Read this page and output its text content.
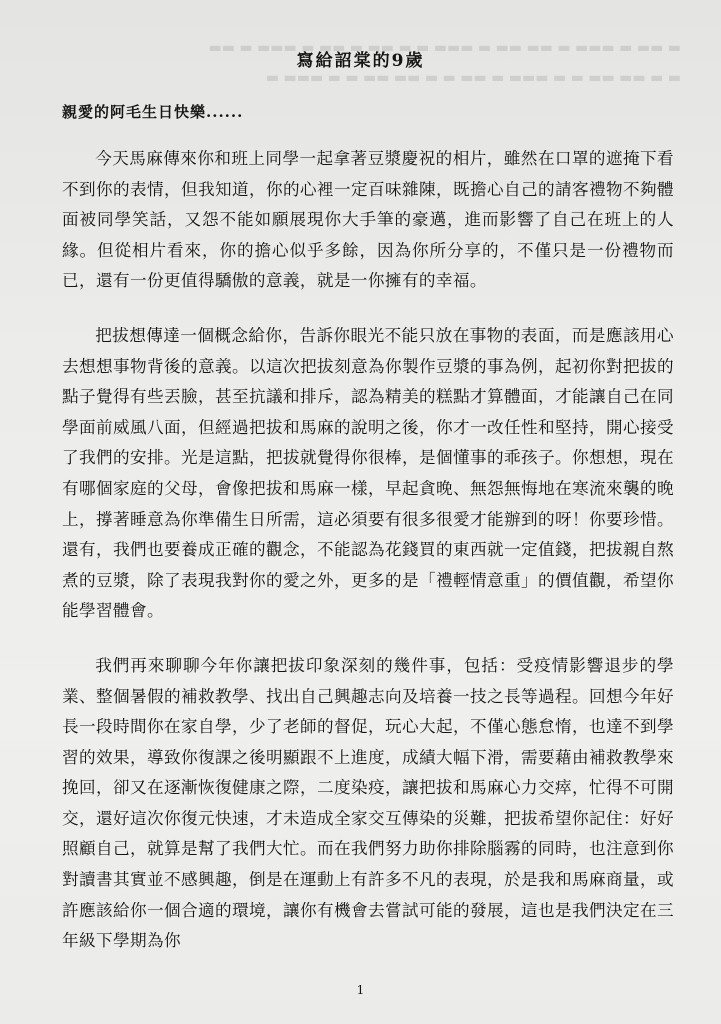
▬ ▬▬ ▬ ▬▬▬ ▬ ▬▬ ▬▬ ▬ ▬▬▬ ▬ ▬ ▬▬ ▬ ▬▬ ▬ ▬▬▬ ▬ ▬▬
▬ ▬ ▬▬ ▬▬ ▬ ▬ ▬▬▬ ▬ ▬▬ ▬ ▬ ▬▬ ▬▬ ▬ ▬ ▬▬▬ ▬
寫給詔棠的9歲
親愛的阿毛生日快樂......

今天馬麻傳來你和班上同學一起拿著豆漿慶祝的相片，雖然在口罩的遮掩下看不到你的表情，但我知道，你的心裡一定百味雜陳，既擔心自己的請客禮物不夠體面被同學笑話，又怨不能如願展現你大手筆的豪邁，進而影響了自己在班上的人緣。但從相片看來，你的擔心似乎多餘，因為你所分享的，不僅只是一份禮物而已，還有一份更值得驕傲的意義，就是一你擁有的幸福。

把拔想傳達一個概念給你，告訴你眼光不能只放在事物的表面，而是應該用心去想想事物背後的意義。以這次把拔刻意為你製作豆漿的事為例，起初你對把拔的點子覺得有些丟臉，甚至抗議和排斥，認為精美的糕點才算體面，才能讓自己在同學面前威風八面，但經過把拔和馬麻的說明之後，你才一改任性和堅持，開心接受了我們的安排。光是這點，把拔就覺得你很棒，是個懂事的乖孩子。你想想，現在有哪個家庭的父母，會像把拔和馬麻一樣，早起貪晚、無怨無悔地在寒流來襲的晚上，撐著睡意為你準備生日所需，這必須要有很多很愛才能辦到的呀！你要珍惜。還有，我們也要養成正確的觀念，不能認為花錢買的東西就一定值錢，把拔親自熬煮的豆漿，除了表現我對你的愛之外，更多的是「禮輕情意重」的價值觀，希望你能學習體會。

我們再來聊聊今年你讓把拔印象深刻的幾件事，包括：受疫情影響退步的學業、整個暑假的補救教學、找出自己興趣志向及培養一技之長等過程。回想今年好長一段時間你在家自學，少了老師的督促，玩心大起，不僅心態怠惰，也達不到學習的效果，導致你復課之後明顯跟不上進度，成績大幅下滑，需要藉由補救教學來挽回，卻又在逐漸恢復健康之際，二度染疫，讓把拔和馬麻心力交瘁，忙得不可開交，還好這次你復元快速，才未造成全家交互傳染的災難，把拔希望你記住：好好照顧自己，就算是幫了我們大忙。而在我們努力助你排除腦霧的同時，也注意到你對讀書其實並不感興趣，倒是在運動上有許多不凡的表現，於是我和馬麻商量，或許應該給你一個合適的環境，讓你有機會去嘗試可能的發展，這也是我們決定在三年級下學期為你

1
